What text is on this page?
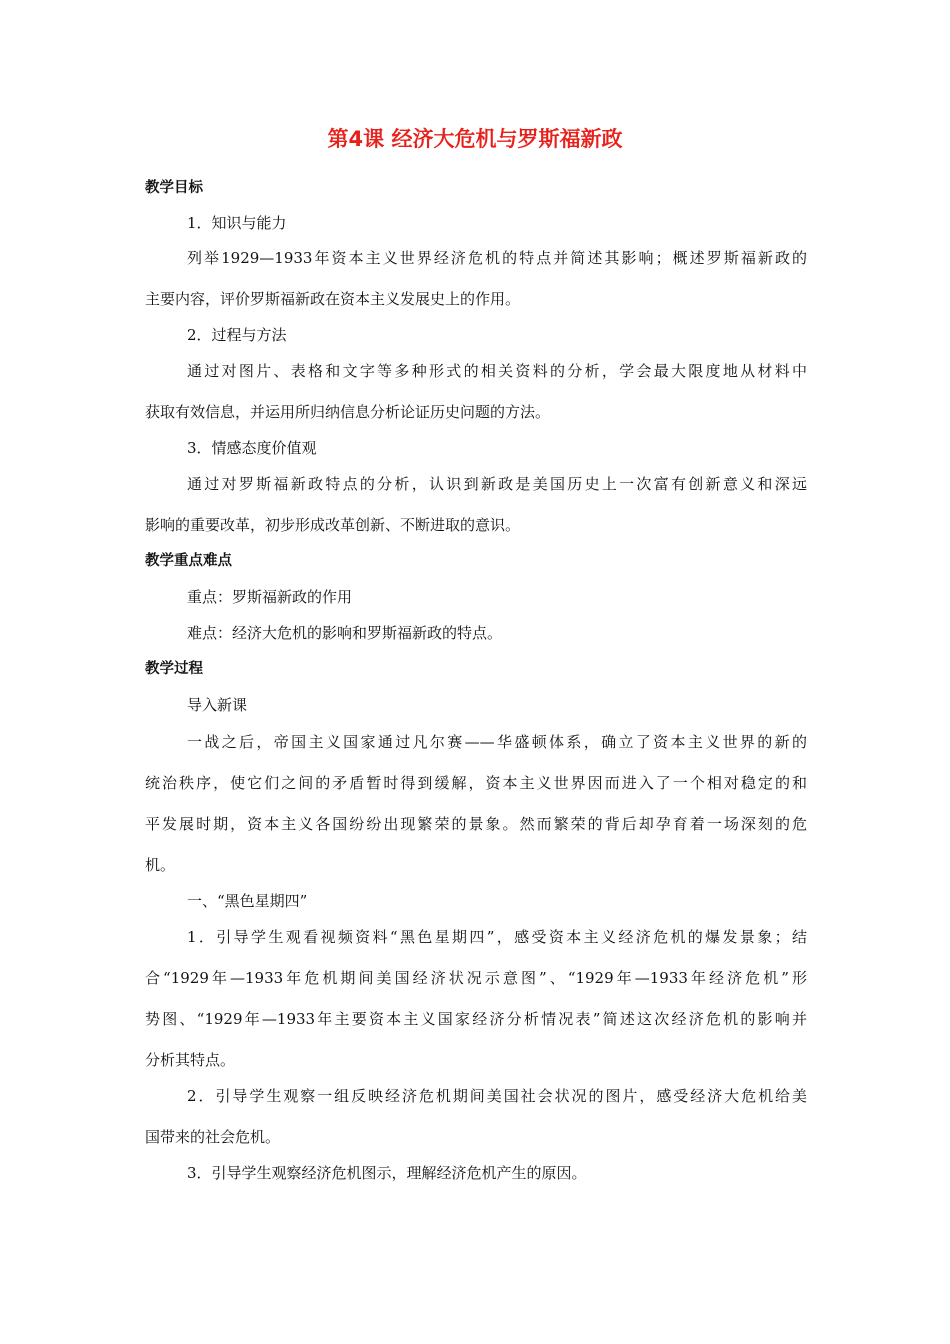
第4课 经济大危机与罗斯福新政
教学目标
1．知识与能力
列举1929—1933年资本主义世界经济危机的特点并简述其影响；概述罗斯福新政的
主要内容，评价罗斯福新政在资本主义发展史上的作用。
2．过程与方法
通过对图片、表格和文字等多种形式的相关资料的分析，学会最大限度地从材料中
获取有效信息，并运用所归纳信息分析论证历史问题的方法。
3．情感态度价值观
通过对罗斯福新政特点的分析，认识到新政是美国历史上一次富有创新意义和深远
影响的重要改革，初步形成改革创新、不断进取的意识。
教学重点难点
重点：罗斯福新政的作用
难点：经济大危机的影响和罗斯福新政的特点。
教学过程
导入新课
一战之后，帝国主义国家通过凡尔赛——华盛顿体系，确立了资本主义世界的新的
统治秩序，使它们之间的矛盾暂时得到缓解，资本主义世界因而进入了一个相对稳定的和
平发展时期，资本主义各国纷纷出现繁荣的景象。然而繁荣的背后却孕育着一场深刻的危
机。
一、“黑色星期四”
1．引导学生观看视频资料“黑色星期四”，感受资本主义经济危机的爆发景象；结
合“1929年—1933年危机期间美国经济状况示意图”、“1929年—1933年经济危机”形
势图、“1929年—1933年主要资本主义国家经济分析情况表”简述这次经济危机的影响并
分析其特点。
2．引导学生观察一组反映经济危机期间美国社会状况的图片，感受经济大危机给美
国带来的社会危机。
3．引导学生观察经济危机图示，理解经济危机产生的原因。
